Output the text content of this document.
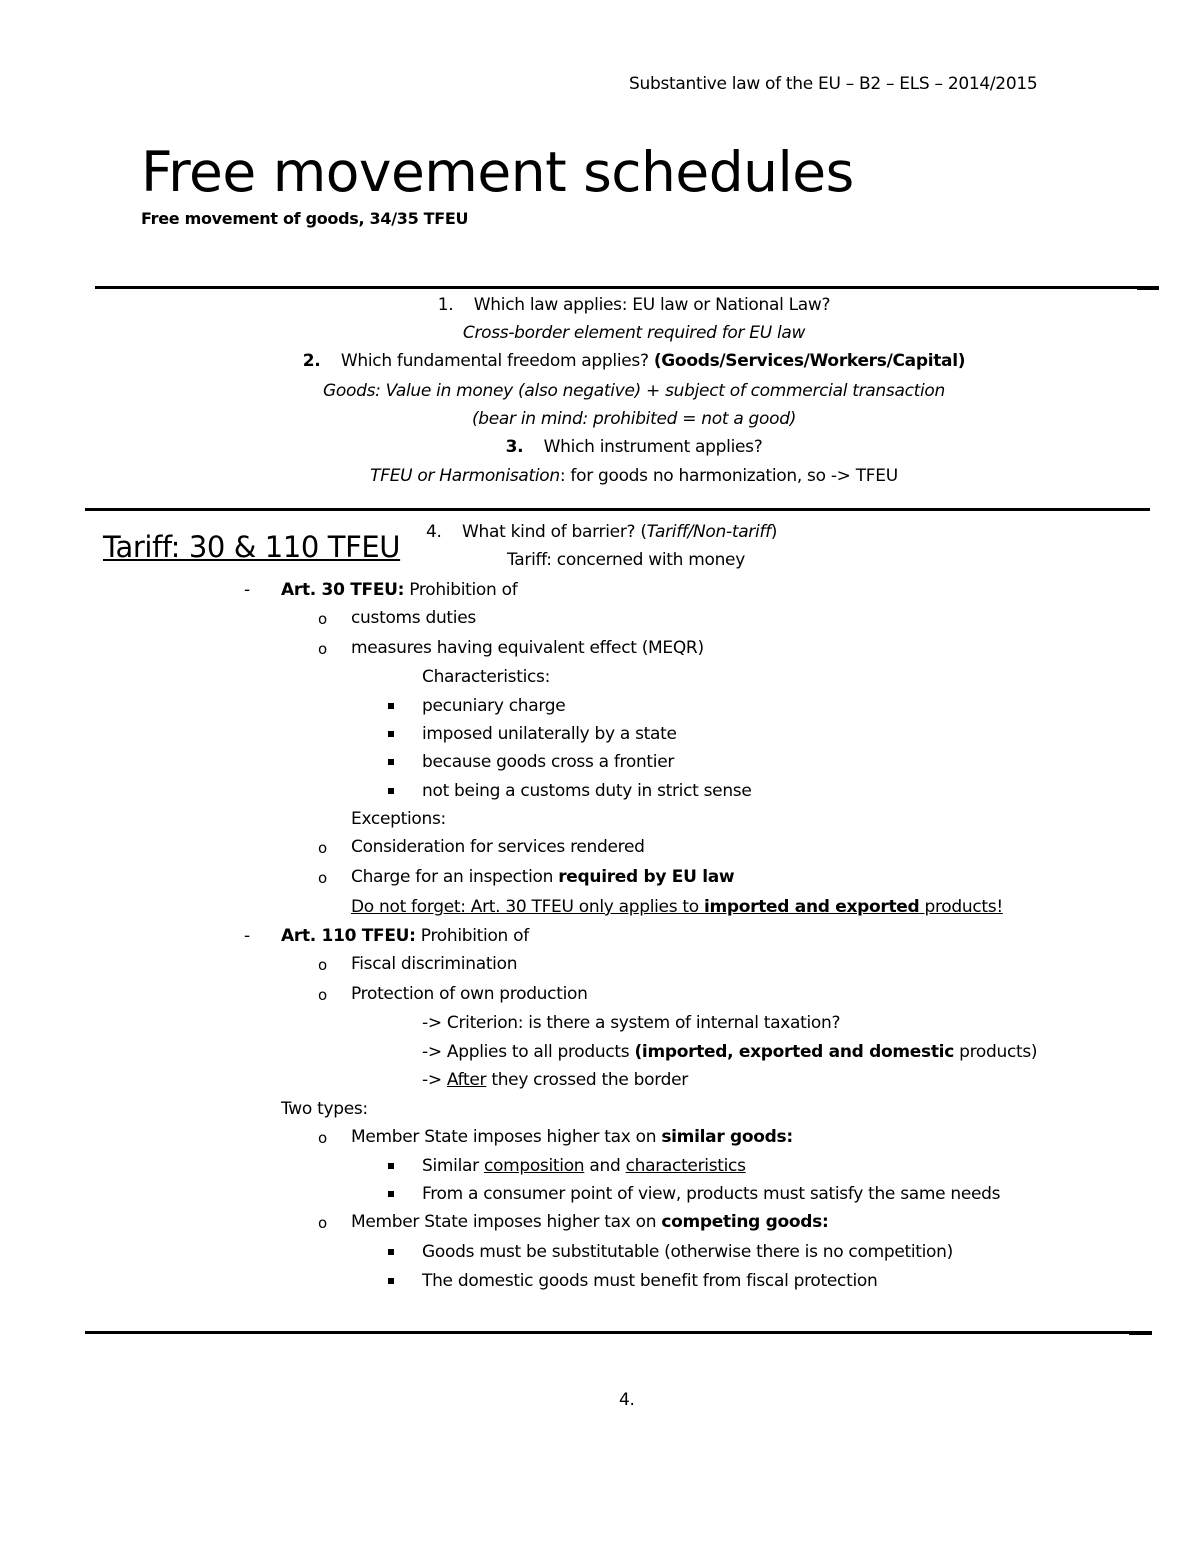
Substantive law of the EU – B2 – ELS – 2014/2015
Free movement schedules
Free movement of goods, 34/35 TFEU
1. Which law applies: EU law or National Law?
Cross-border element required for EU law
2. Which fundamental freedom applies? (Goods/Services/Workers/Capital)
Goods: Value in money (also negative) + subject of commercial transaction
(bear in mind: prohibited = not a good)
3. Which instrument applies?
TFEU or Harmonisation: for goods no harmonization, so -> TFEU
Tariff: 30 & 110 TFEU 4. What kind of barrier? (Tariff/Non-tariff)
Tariff: concerned with money
- Art. 30 TFEU: Prohibition of
o customs duties
o measures having equivalent effect (MEQR)
Characteristics:
pecuniary charge
imposed unilaterally by a state
because goods cross a frontier
not being a customs duty in strict sense
Exceptions:
o Consideration for services rendered
o Charge for an inspection required by EU law
Do not forget: Art. 30 TFEU only applies to imported and exported products!
- Art. 110 TFEU: Prohibition of
o Fiscal discrimination
o Protection of own production
-> Criterion: is there a system of internal taxation?
-> Applies to all products (imported, exported and domestic products)
-> After they crossed the border
Two types:
o Member State imposes higher tax on similar goods:
Similar composition and characteristics
From a consumer point of view, products must satisfy the same needs
o Member State imposes higher tax on competing goods:
Goods must be substitutable (otherwise there is no competition)
The domestic goods must benefit from fiscal protection
4.
